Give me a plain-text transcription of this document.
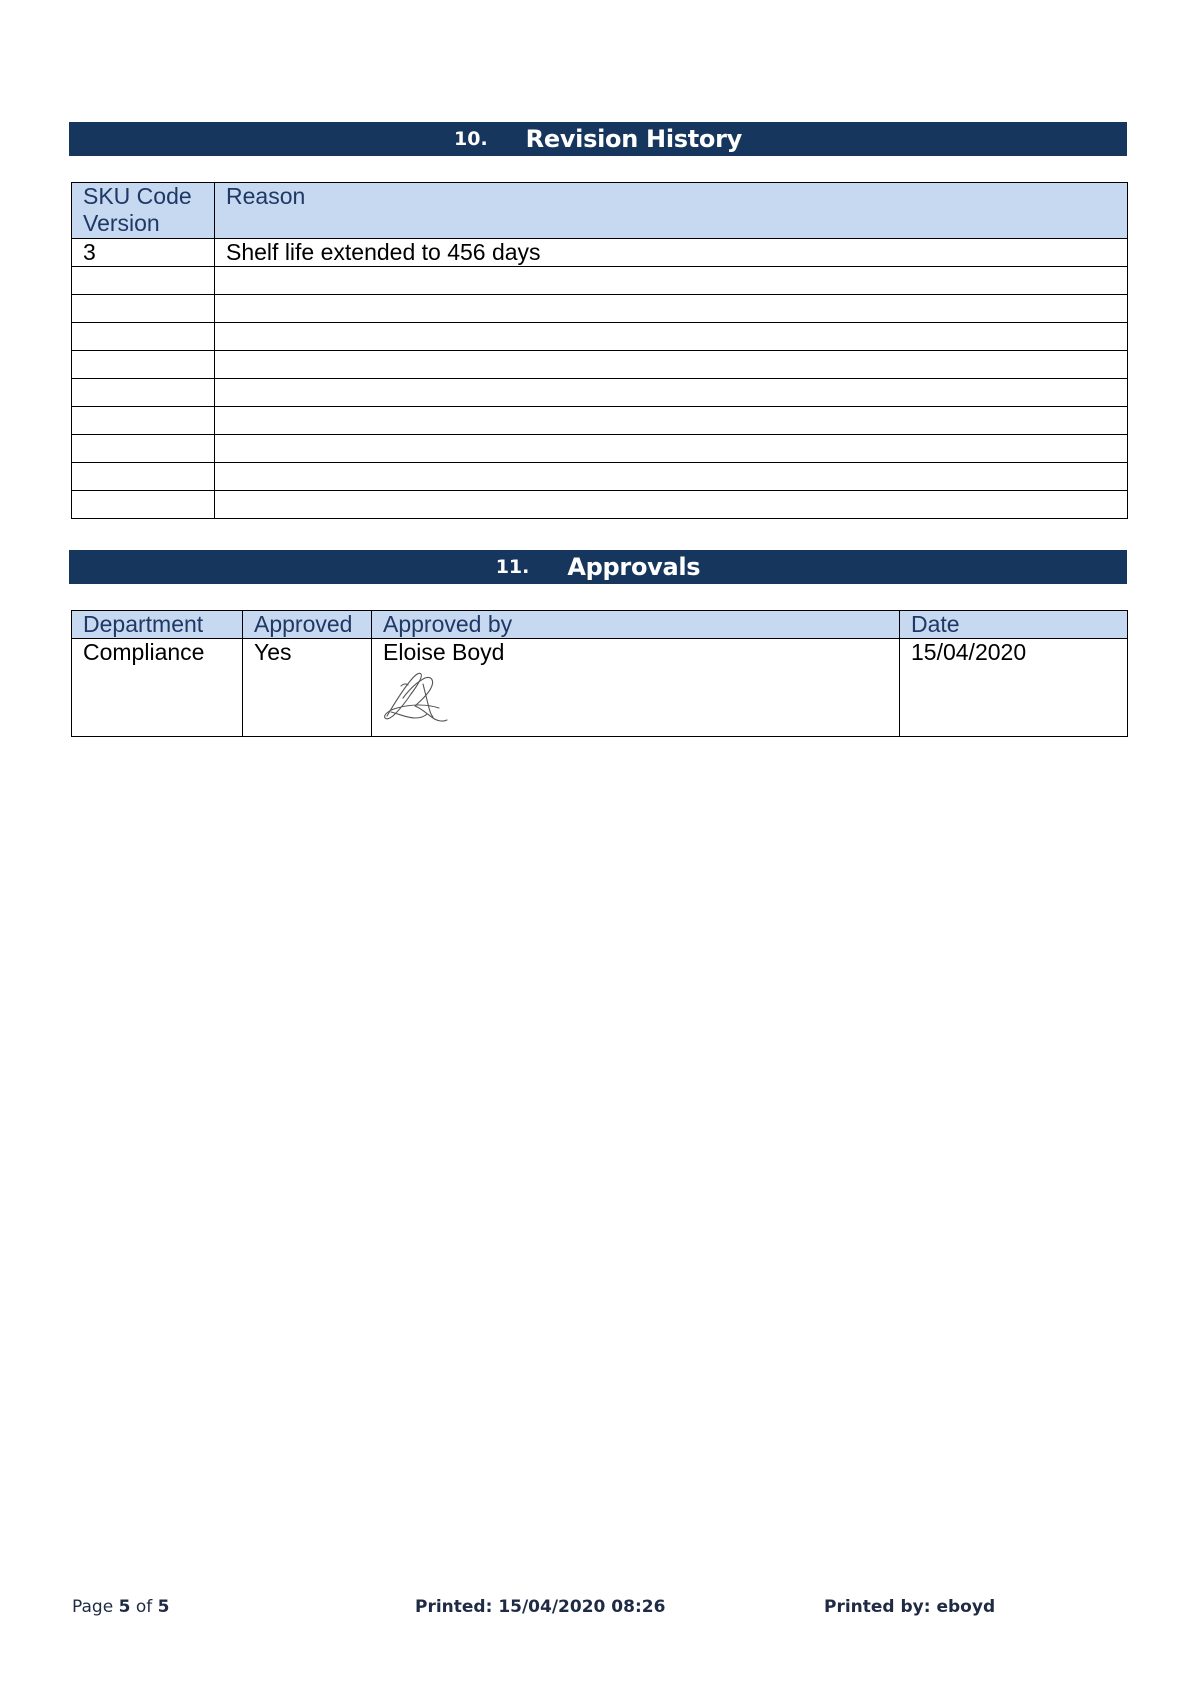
10. Revision History
SKU Code Version	Reason
3	Shelf life extended to 456 days

11. Approvals
Department	Approved	Approved by	Date
Compliance	Yes	Eloise Boyd	15/04/2020
Page 5 of 5	Printed: 15/04/2020 08:26	Printed by: eboyd
